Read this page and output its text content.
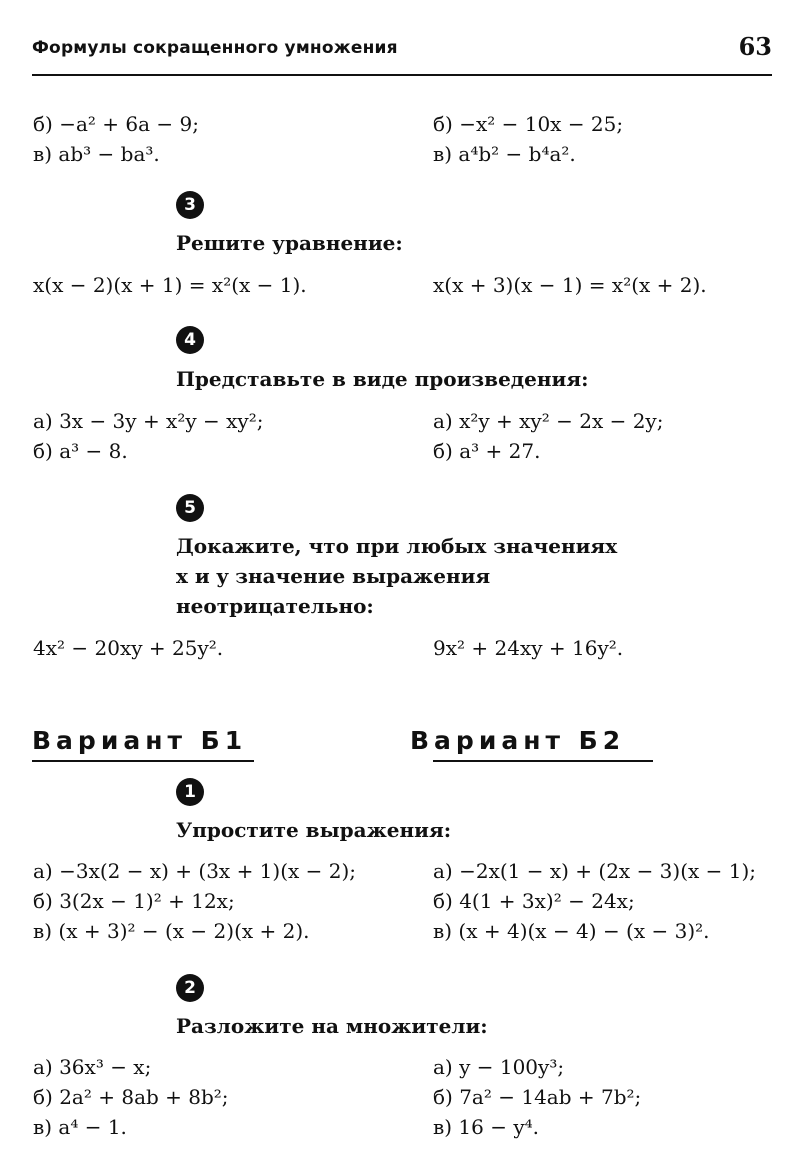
Формулы сокращенного умножения	63
б) −a² + 6a − 9;
в) ab³ − ba³.
б) −x² − 10x − 25;
в) a⁴b² − b⁴a².
3
Решите уравнение:
x(x − 2)(x + 1) = x²(x − 1).	x(x + 3)(x − 1) = x²(x + 2).
4
Представьте в виде произведения:
а) 3x − 3y + x²y − xy²;
б) a³ − 8.
а) x²y + xy² − 2x − 2y;
б) a³ + 27.
5
Докажите, что при любых значениях
x и y значение выражения
неотрицательно:
4x² − 20xy + 25y².	9x² + 24xy + 16y².
Вариант Б1	Вариант Б2
1
Упростите выражения:
а) −3x(2 − x) + (3x + 1)(x − 2);
б) 3(2x − 1)² + 12x;
в) (x + 3)² − (x − 2)(x + 2).
а) −2x(1 − x) + (2x − 3)(x − 1);
б) 4(1 + 3x)² − 24x;
в) (x + 4)(x − 4) − (x − 3)².
2
Разложите на множители:
а) 36x³ − x;
б) 2a² + 8ab + 8b²;
в) a⁴ − 1.
а) y − 100y³;
б) 7a² − 14ab + 7b²;
в) 16 − y⁴.
